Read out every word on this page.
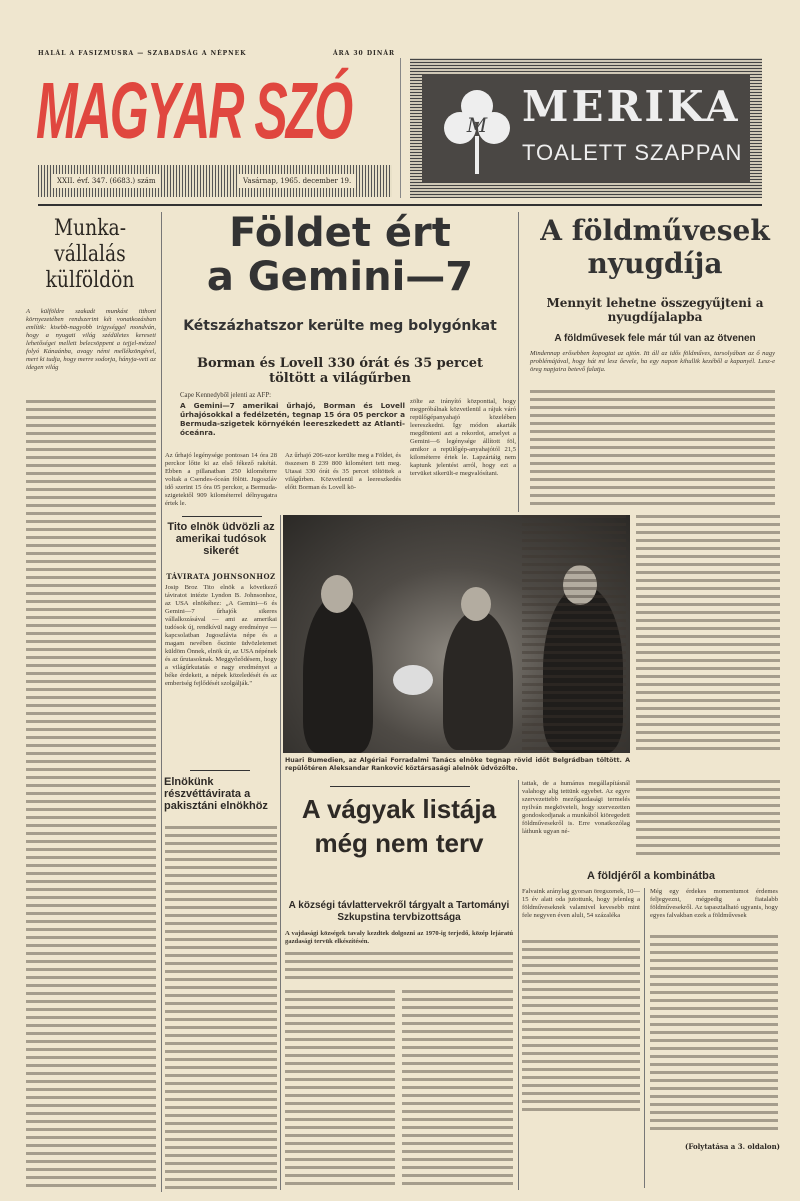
HALÁL A FASIZMUSRA — SZABADSÁG A NÉPNEK	ÁRA 30 DINÁR
MAGYAR SZÓ
XXII. évf. 347. (6683.) szám	Vasárnap, 1965. december 19.
M MERIKA
TOALETT SZAPPAN
Munka-vállalás külföldön
A külföldre szakadt munkást itthoni környezetében rendszerint két vonatkozásban említik: kisebb-nagyobb irigységgel mondván, hogy a nyugati világ szédületes kereseti lehetőségei mellett belecsöppent a tejjel-mézzel folyó Kánaánba, avagy némi mellékzöngével, mert ki tudja, hogy merre sodorja, hányja-veti az idegen világ
Földet ért
a Gemini—7
Kétszázhatszor kerülte meg bolygónkat
Borman és Lovell 330 órát és 35 percet töltött a világűrben
Cape Kennedyből jelenti az AFP:
A Gemini—7 amerikai űrhajó, Borman és Lovell űrhajósokkal a fedélzetén, tegnap 15 óra 05 perckor a Bermuda-szigetek környékén leereszkedett az Atlanti-óceánra.
Az űrhajó legénysége pontosan 14 óra 28 perckor lőtte ki az első fékező rakétát. Ebben a pillanatban 250 kilométerre voltak a Csendes-óceán fölött. Jugoszláv idő szerint 15 óra 05 perckor, a Bermuda-szigetektől 909 kilométerrel délnyugatra értek le.
Az űrhajó 206-szor kerülte meg a Földet, és összesen 8 239 800 kilométert tett meg. Utasai 330 órát és 35 percet töltöttek a világűrben. Közvetlenül a leereszkedés előtt Borman és Lovell kö-
zölte az irányító központtal, hogy megpróbálnak közvetlenül a rájuk váró repülőgépanyahajó közelében leereszkedni. Így módon akarták megdönteni azt a rekordot, amelyet a Gemini—6 legénysége állított föl, amikor a repülőgép-anyahajótól 21,5 kilométerre értek le. Lapzártáig nem kaptunk jelentést arról, hogy ezt a tervüket sikerült-e megvalósítani.
Tito elnök üdvözli az amerikai tudósok sikerét
TÁVIRATA JOHNSONHOZ
Josip Broz Tito elnök a következő táviratot intézte Lyndon B. Johnsonhoz, az USA elnökéhez: „A Gemini—6 és Gemini—7 űrhajók sikeres vállalkozásával — ami az amerikai tudósok új, rendkívül nagy eredménye — kapcsolatban Jugoszlávia népe és a magam nevében őszinte üdvözletemet küldöm Önnek, elnök úr, az USA népének és az űrutasoknak. Meggyőződésem, hogy a világűrkutatás e nagy eredményei a béke érdekeit, a népek közeledését és az emberiség fejlődését szolgálják."
Elnökünk részvéttávirata a pakisztáni elnökhöz
Huari Bumedien, az Algériai Forradalmi Tanács elnöke tegnap rövid időt Belgrádban töltött. A repülőtéren Aleksandar Ranković köztársasági alelnök üdvözölte.
A vágyak listája még nem terv
A községi távlattervekről tárgyalt a Tartományi Szkupstina tervbizottsága
A vajdasági községek tavaly kezdtek dolgozni az 1970-ig terjedő, közép lejáratú gazdasági tervük elkészítésén.
A földművesek nyugdíja
Mennyit lehetne összegyűjteni a nyugdíjalapba
A földművesek fele már túl van az ötvenen
Mindennap erősebben kopogtat az ajtón. Itt áll az idős földműves, tarsolyában az ő nagy problémájával, hogy hát mi lesz őevele, ha egy napon kihullik kezéből a kapanyél. Lesz-e öreg napjaira betevő falatja.
tattak, de a humánus megállapításnál valahogy alig tettünk egyebet. Az egyre szervezettebb mezőgazdasági termelés nyilván megköveteli, hogy szervezetten gondoskodjanak a munkából kiöregedett földművesekről is. Erre vonatkozólag láthunk ugyan né-
A földjéről a kombinátba
Falvaink aránylag gyorsan öregszenek, 10—15 év alatt oda jutottunk, hogy jelenleg a földműveseknek valamivel kevesebb mint fele negyven éven aluli, 54 százaléka
Még egy érdekes momentumot érdemes feljegyezni, mégpedig a fiatalabb földművesekről. Az tapasztalható ugyanis, hogy egyes falvakban ezek a földművesek
(Folytatása a 3. oldalon)
